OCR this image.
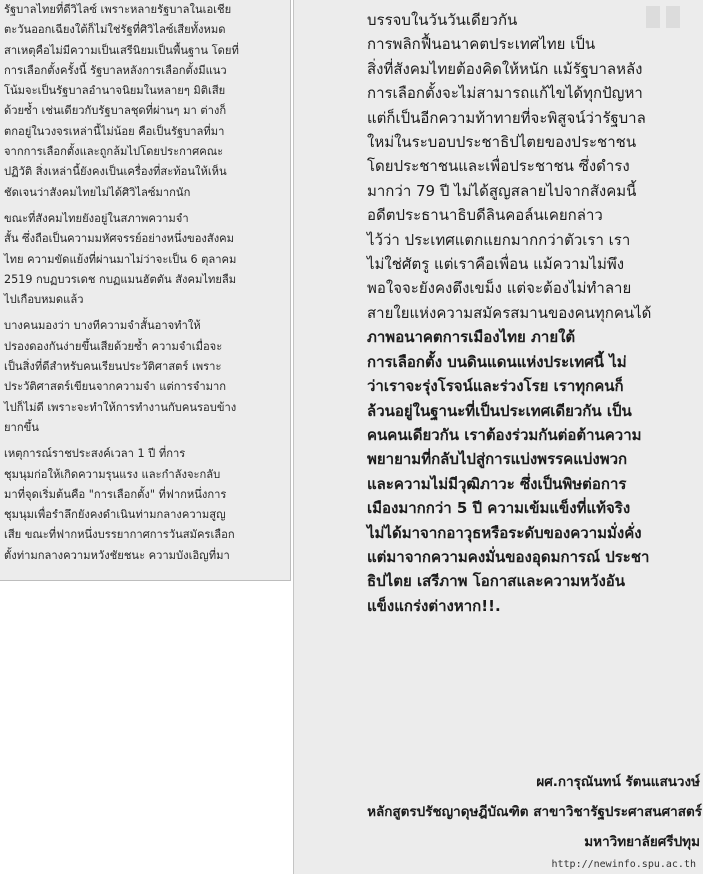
รัฐบาลไทยที่ดีวิไลซ์ เพราะหลายรัฐบาลในเอเชีย
ตะวันออกเฉียงใต้ก็ไม่ใช่รัฐที่ศิวิไลซ์เสียทั้งหมด
สาเหตุคือไม่มีความเป็นเสรีนิยมเป็นพื้นฐาน โดยที่
การเลือกตั้งครั้งนี้ รัฐบาลหลังการเลือกตั้งมีแนว
โน้มจะเป็นรัฐบาลอำนาจนิยมในหลายๆ มิติเสีย
ด้วยซ้ำ เช่นเดียวกับรัฐบาลชุดที่ผ่านๆ มา ต่างก็
ตกอยู่ในวงจรเหล่านี้ไม่น้อย คือเป็นรัฐบาลที่มา
จากการเลือกตั้งและถูกล้มไปโดยประกาศคณะ
ปฏิวัติ สิ่งเหล่านี้ยังคงเป็นเครื่องที่สะท้อนให้เห็น
ชัดเจนว่าสังคมไทยไม่ได้ศิวิไลซ์มากนัก

ขณะที่สังคมไทยยังอยู่ในสภาพความจำ
สั้น ซึ่งถือเป็นความมหัศจรรย์อย่างหนึ่งของสังคม
ไทย ความขัดแย้งที่ผ่านมาไม่ว่าจะเป็น 6 ตุลาคม
2519 กบฏบวรเดช กบฏแมนฮัตตัน สังคมไทยลืม
ไปเกือบหมดแล้ว

บางคนมองว่า บางทีความจำสั้นอาจทำให้
ปรองดองกันง่ายขึ้นเสียด้วยซ้ำ ความจำเมื่อจะ
เป็นสิ่งที่ดีสำหรับคนเรียนประวัติศาสตร์ เพราะ
ประวัติศาสตร์เขียนจากความจำ แต่การจำมาก
ไปก็ไม่ดี เพราะจะทำให้การทำงานกับคนรอบข้าง
ยากขึ้น

เหตุการณ์ราชประสงค์เวลา 1 ปี ที่การ
ชุมนุมก่อให้เกิดความรุนแรง และกำลังจะกลับ
มาที่จุดเริ่มต้นคือ "การเลือกตั้ง" ที่ฟากหนึ่งการ
ชุมนุมเพื่อรำลึกยังคงดำเนินท่ามกลางความสูญ
เสีย ขณะที่ฟากหนึ่งบรรยากาศการวันสมัครเลือก
ตั้งท่ามกลางความหวังชัยชนะ ความบังเอิญที่มา

บรรจบในวันวันเดียวกัน

การพลิกฟื้นอนาคตประเทศไทย เป็น
สิ่งที่สังคมไทยต้องคิดให้หนัก แม้รัฐบาลหลัง
การเลือกตั้งจะไม่สามารถแก้ไขได้ทุกปัญหา
แต่ก็เป็นอีกความท้าทายที่จะพิสูจน์ว่ารัฐบาล
ใหม่ในระบอบประชาธิปไตยของประชาชน
โดยประชาชนและเพื่อประชาชน ซึ่งดำรง
มากว่า 79 ปี ไม่ได้สูญสลายไปจากสังคมนี้

อดีตประธานาธิบดีลินคอล์นเคยกล่าว
ไว้ว่า ประเทศแตกแยกมากกว่าตัวเรา เรา
ไม่ใช่ศัตรู แต่เราคือเพื่อน แม้ความไม่พึง
พอใจจะยังคงตึงเขม็ง แต่จะต้องไม่ทำลาย
สายใยแห่งความสมัครสมานของคนทุกคนได้

ภาพอนาคตการเมืองไทย ภายใต้
การเลือกตั้ง บนดินแดนแห่งประเทศนี้ ไม่
ว่าเราจะรุ่งโรจน์และร่วงโรย เราทุกคนก็
ล้วนอยู่ในฐานะที่เป็นประเทศเดียวกัน เป็น
คนคนเดียวกัน เราต้องร่วมกันต่อต้านความ
พยายามที่กลับไปสู่การแบ่งพรรคแบ่งพวก
และความไม่มีวุฒิภาวะ ซึ่งเป็นพิษต่อการ
เมืองมากกว่า 5 ปี ความเข้มแข็งที่แท้จริง
ไม่ได้มาจากอาวุธหรือระดับของความมั่งคั่ง
แต่มาจากความคงมั่นของอุดมการณ์ ประชา
ธิปไตย เสรีภาพ โอกาสและความหวังอัน
แข็งแกร่งต่างหาก!!.

ผศ.การุณันทน์ รัตนแสนวงษ์
หลักสูตรปรัชญาดุษฎีบัณฑิต สาขาวิชารัฐประศาสนศาสตร์
มหาวิทยาลัยศรีปทุม
http://newinfo.spu.ac.th
